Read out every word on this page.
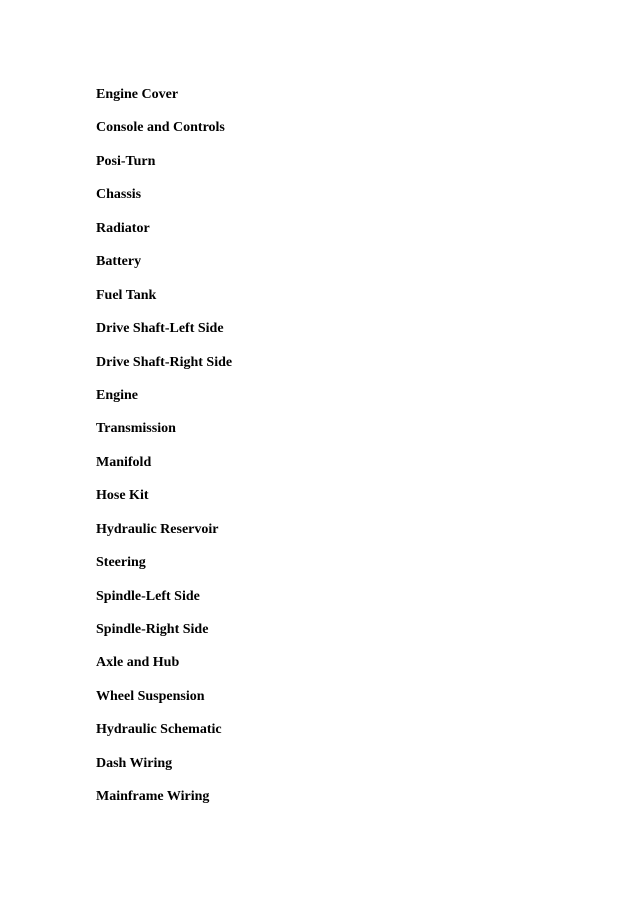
Engine Cover
Console and Controls
Posi-Turn
Chassis
Radiator
Battery
Fuel Tank
Drive Shaft-Left Side
Drive Shaft-Right Side
Engine
Transmission
Manifold
Hose Kit
Hydraulic Reservoir
Steering
Spindle-Left Side
Spindle-Right Side
Axle and Hub
Wheel Suspension
Hydraulic Schematic
Dash Wiring
Mainframe Wiring
